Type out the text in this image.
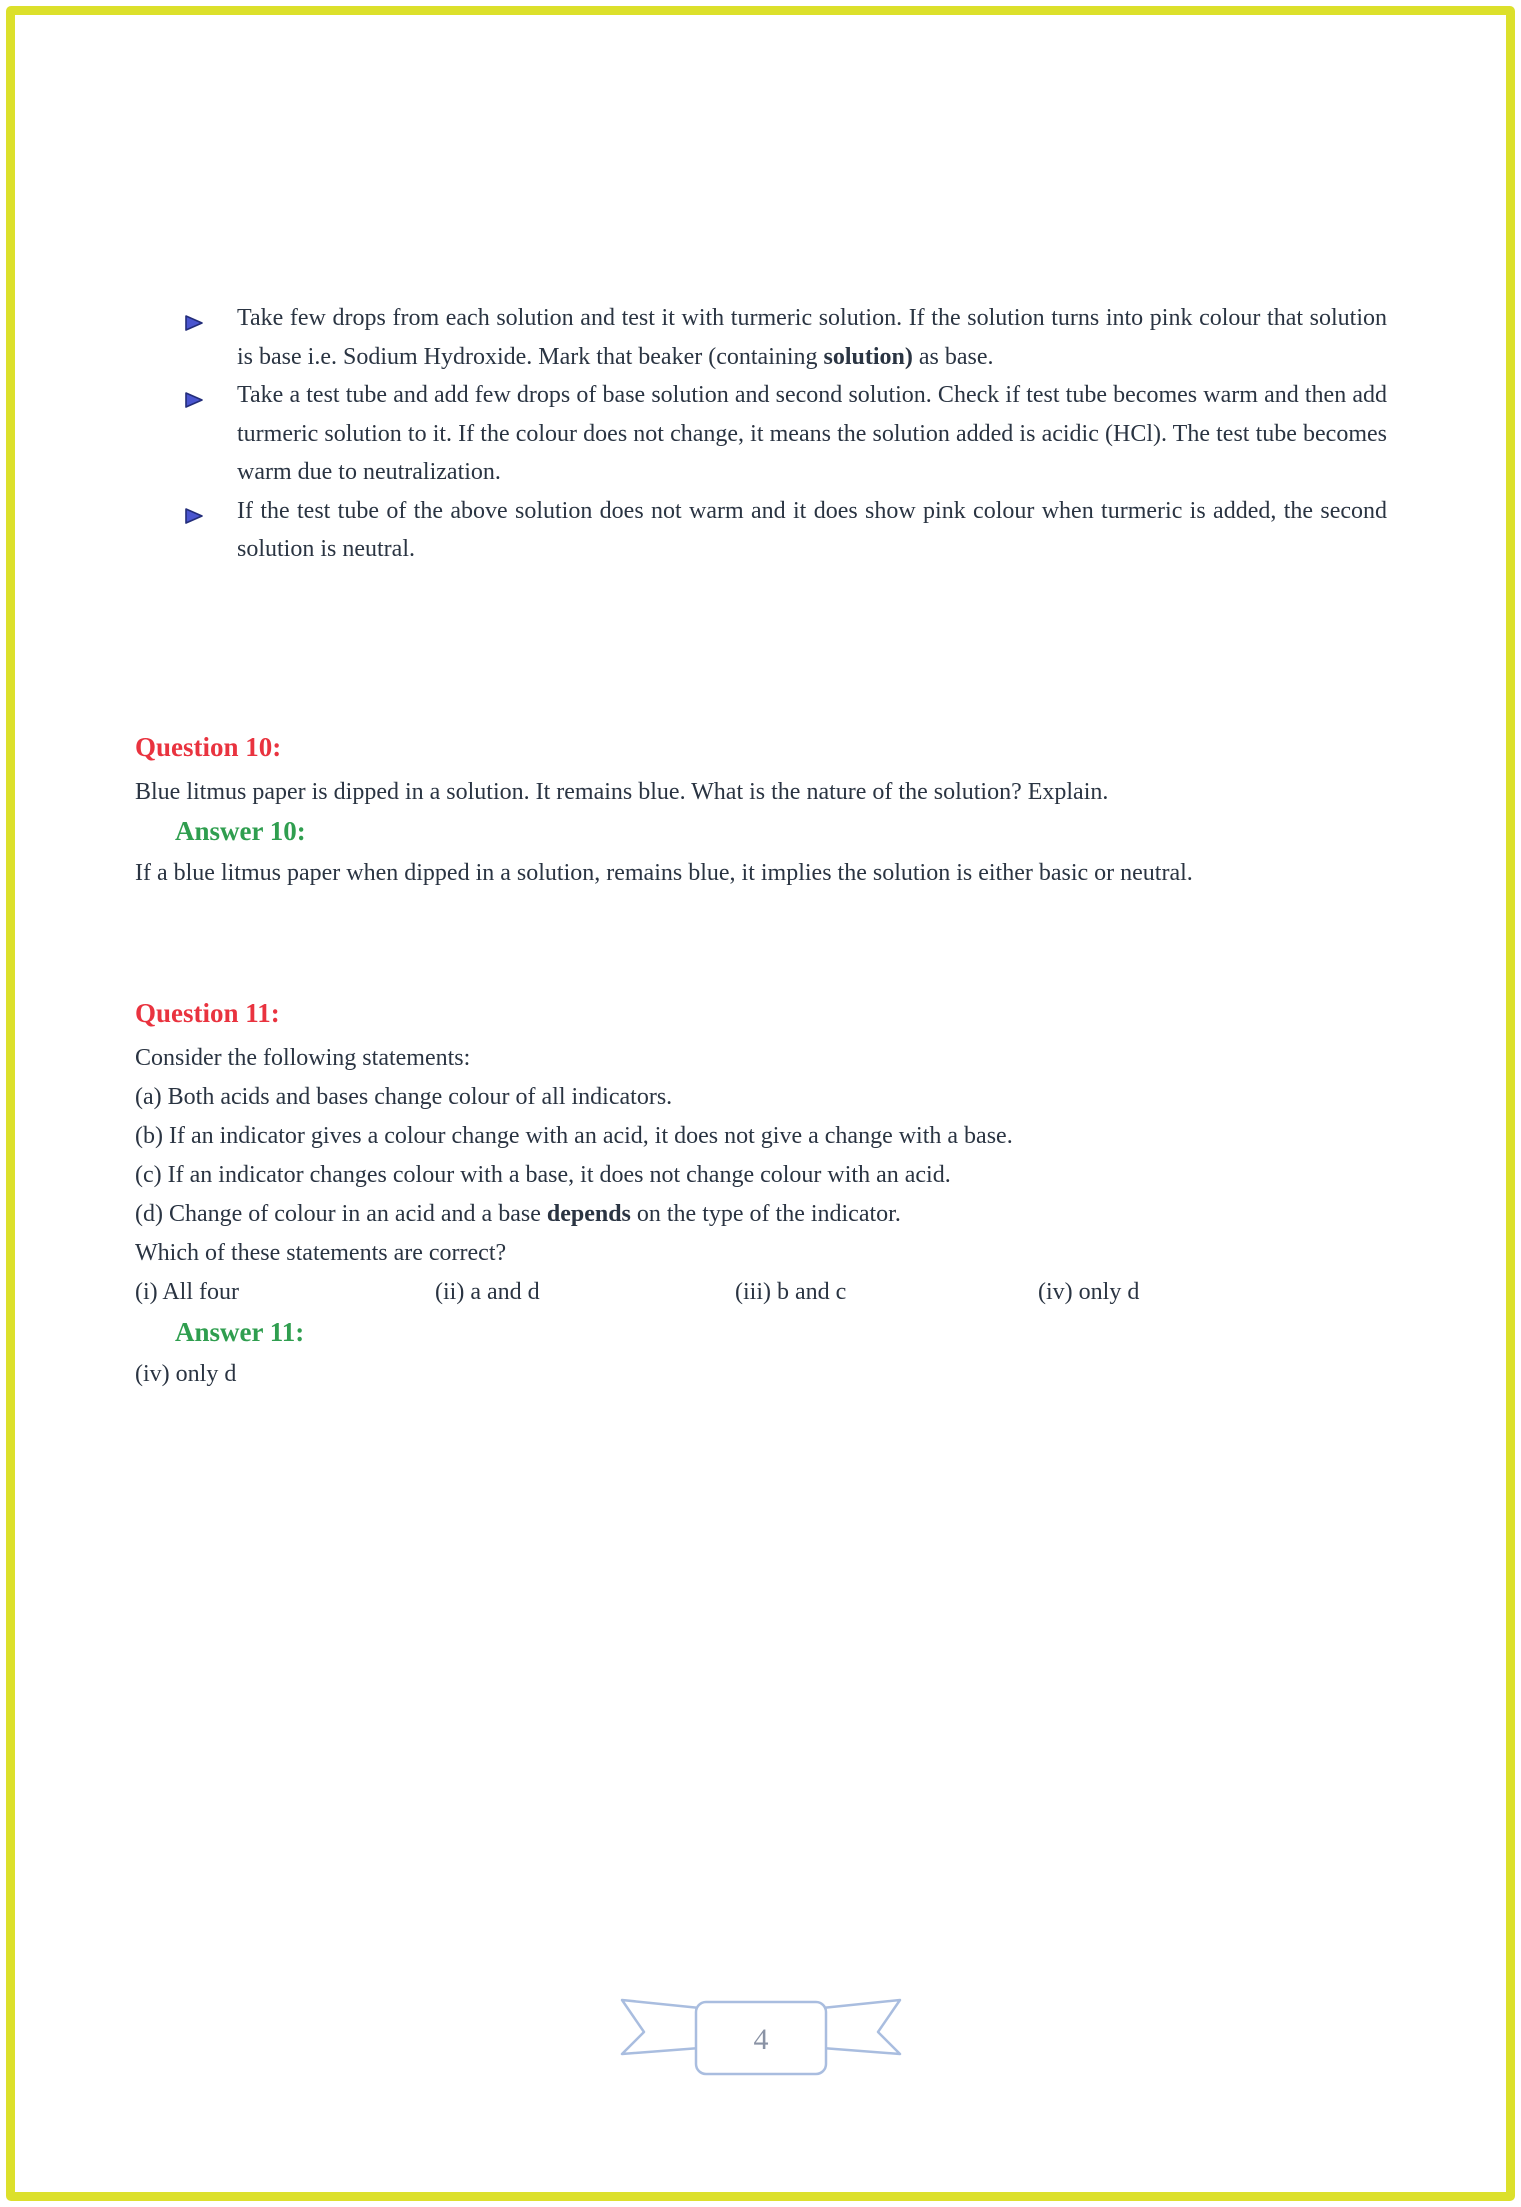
Take few drops from each solution and test it with turmeric solution. If the solution turns into pink colour that solution is base i.e. Sodium Hydroxide. Mark that beaker (containing solution) as base.
Take a test tube and add few drops of base solution and second solution. Check if test tube becomes warm and then add turmeric solution to it. If the colour does not change, it means the solution added is acidic (HCl). The test tube becomes warm due to neutralization.
If the test tube of the above solution does not warm and it does show pink colour when turmeric is added, the second solution is neutral.
Question 10:
Blue litmus paper is dipped in a solution. It remains blue. What is the nature of the solution? Explain.
Answer 10:
If a blue litmus paper when dipped in a solution, remains blue, it implies the solution is either basic or neutral.
Question 11:
Consider the following statements:
(a) Both acids and bases change colour of all indicators.
(b) If an indicator gives a colour change with an acid, it does not give a change with a base.
(c) If an indicator changes colour with a base, it does not change colour with an acid.
(d) Change of colour in an acid and a base depends on the type of the indicator.
Which of these statements are correct?
(i) All four	(ii) a and d	(iii) b and c	(iv) only d
Answer 11:
(iv) only d
4
